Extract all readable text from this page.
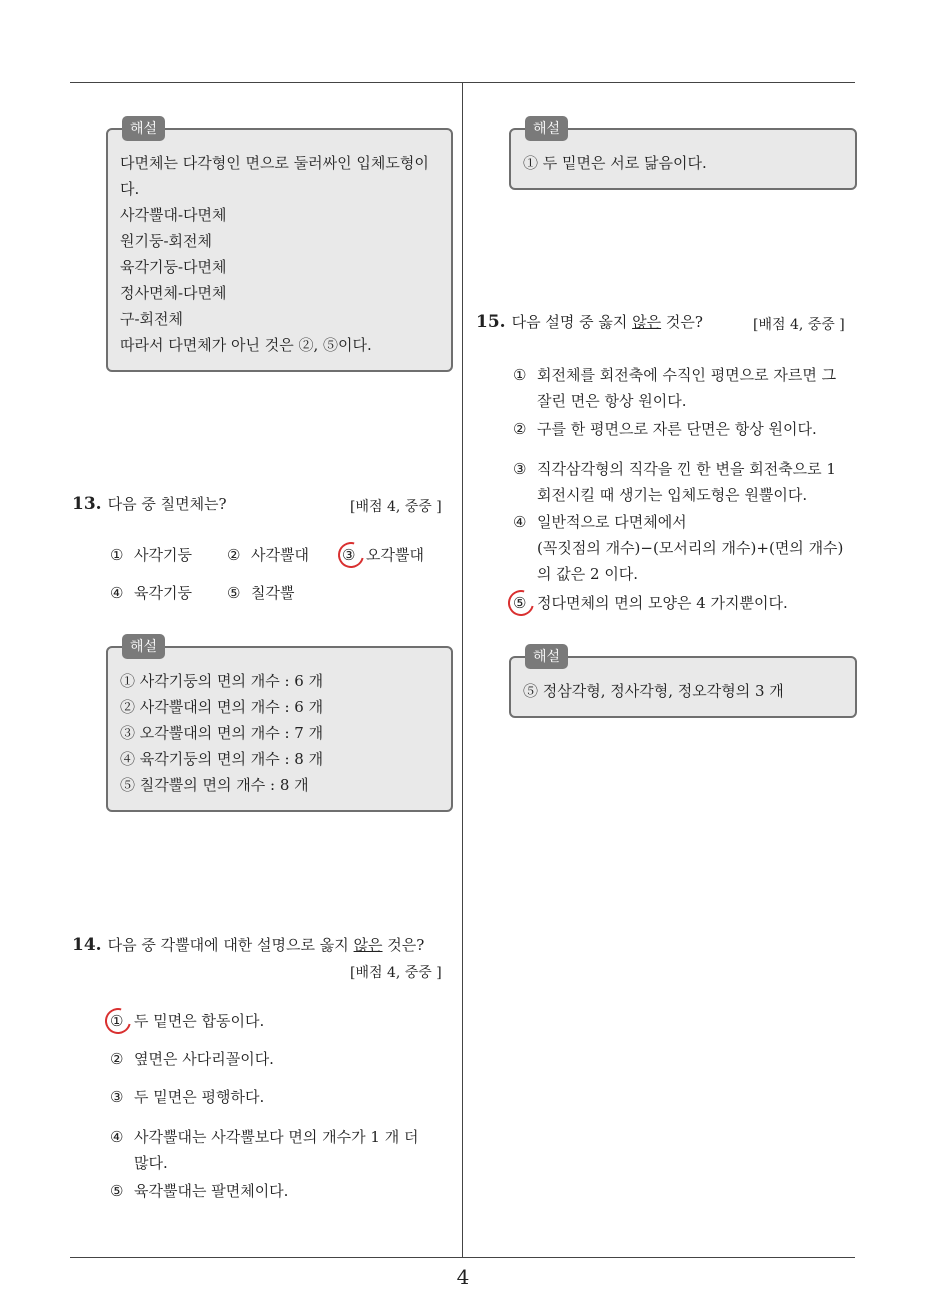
해설
다면체는 다각형인 면으로 둘러싸인 입체도형이
다.
사각뿔대-다면체
원기둥-회전체
육각기둥-다면체
정사면체-다면체
구-회전체
따라서 다면체가 아닌 것은 ②, ⑤이다.
13. 다음 중 칠면체는?	[배점 4, 중중 ]
① 사각기둥 ② 사각뿔대 ③ 오각뿔대
④ 육각기둥 ⑤ 칠각뿔
해설
① 사각기둥의 면의 개수 : 6 개
② 사각뿔대의 면의 개수 : 6 개
③ 오각뿔대의 면의 개수 : 7 개
④ 육각기둥의 면의 개수 : 8 개
⑤ 칠각뿔의 면의 개수 : 8 개
14. 다음 중 각뿔대에 대한 설명으로 옳지 않은 것은?
[배점 4, 중중 ]
① 두 밑면은 합동이다.
② 옆면은 사다리꼴이다.
③ 두 밑면은 평행하다.
④ 사각뿔대는 사각뿔보다 면의 개수가 1 개 더
많다.
⑤ 육각뿔대는 팔면체이다.
해설
① 두 밑면은 서로 닮음이다.
15. 다음 설명 중 옳지 않은 것은?	[배점 4, 중중 ]
① 회전체를 회전축에 수직인 평면으로 자르면 그
잘린 면은 항상 원이다.
② 구를 한 평면으로 자른 단면은 항상 원이다.
③ 직각삼각형의 직각을 낀 한 변을 회전축으로 1
회전시킬 때 생기는 입체도형은 원뿔이다.
④ 일반적으로 다면체에서
(꼭짓점의 개수)−(모서리의 개수)+(면의 개수)
의 값은 2 이다.
⑤ 정다면체의 면의 모양은 4 가지뿐이다.
해설
⑤ 정삼각형, 정사각형, 정오각형의 3 개
4
